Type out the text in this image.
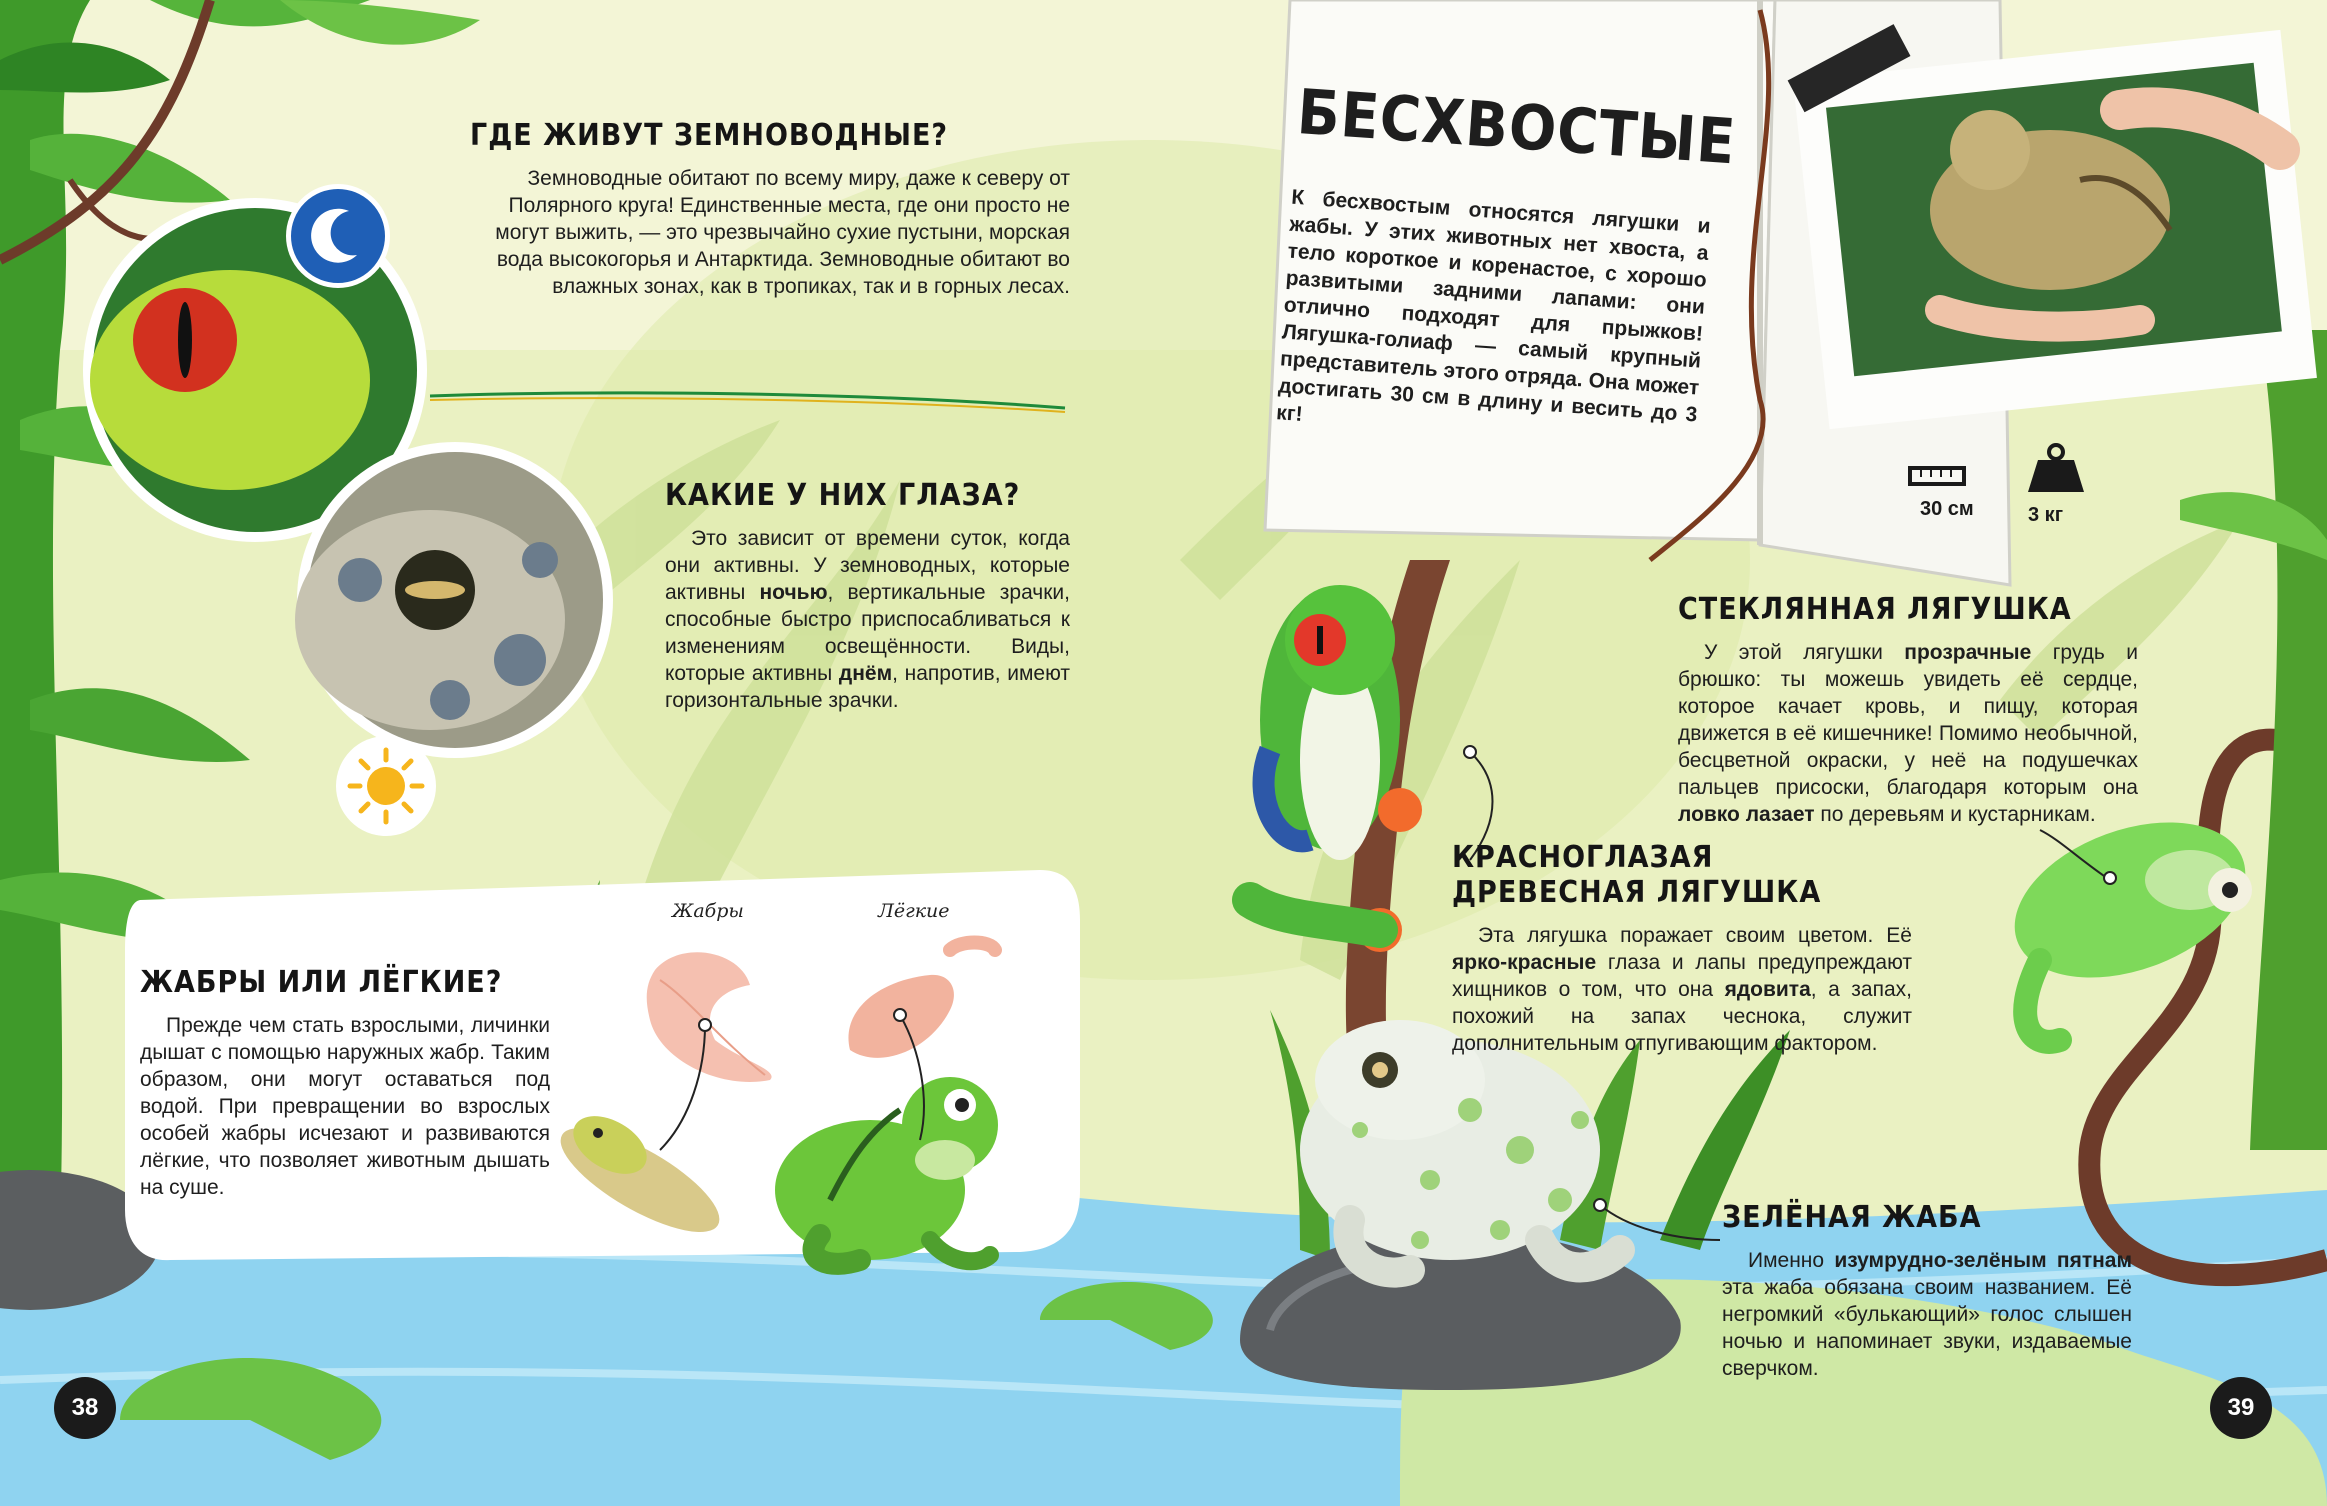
ГДЕ ЖИВУТ ЗЕМНОВОДНЫЕ?

Земноводные обитают по всему миру, даже к северу от Полярного круга! Единственные места, где они просто не могут выжить, — это чрезвычайно сухие пустыни, морская вода высокогорья и Антарктида. Земноводные обитают во влажных зонах, как в тропиках, так и в горных лесах.

КАКИЕ У НИХ ГЛАЗА?

Это зависит от времени суток, когда они активны. У земноводных, которые активны ночью, вертикальные зрачки, способные быстро приспосабливаться к изменениям освещённости. Виды, которые активны днём, напротив, имеют горизонтальные зрачки.

ЖАБРЫ ИЛИ ЛЁГКИЕ?

Прежде чем стать взрослыми, личинки дышат с помощью наружных жабр. Таким образом, они могут оставаться под водой. При превращении во взрослых особей жабры исчезают и развиваются лёгкие, что позволяет животным дышать на суше.

Жабры	Лёгкие
38
БЕСХВОСТЫЕ

К бесхвостым относятся лягушки и жабы. У этих животных нет хвоста, а тело короткое и коренастое, с хорошо развитыми задними лапами: они отлично подходят для прыжков! Лягушка-голиаф — самый крупный представитель этого отряда. Она может достигать 30 см в длину и весить до 3 кг!

30 см	3 кг
СТЕКЛЯННАЯ ЛЯГУШКА

У этой лягушки прозрачные грудь и брюшко: ты можешь увидеть её сердце, которое качает кровь, и пищу, которая движется в её кишечнике! Помимо необычной, бесцветной окраски, у неё на подушечках пальцев присоски, благодаря которым она ловко лазает по деревьям и кустарникам.

КРАСНОГЛАЗАЯ ДРЕВЕСНАЯ ЛЯГУШКА

Эта лягушка поражает своим цветом. Её ярко-красные глаза и лапы предупреждают хищников о том, что она ядовита, а запах, похожий на запах чеснока, служит дополнительным отпугивающим фактором.

ЗЕЛЁНАЯ ЖАБА

Именно изумрудно-зелёным пятнам эта жаба обязана своим названием. Её негромкий «булькающий» голос слышен ночью и напоминает звуки, издаваемые сверчком.

39
